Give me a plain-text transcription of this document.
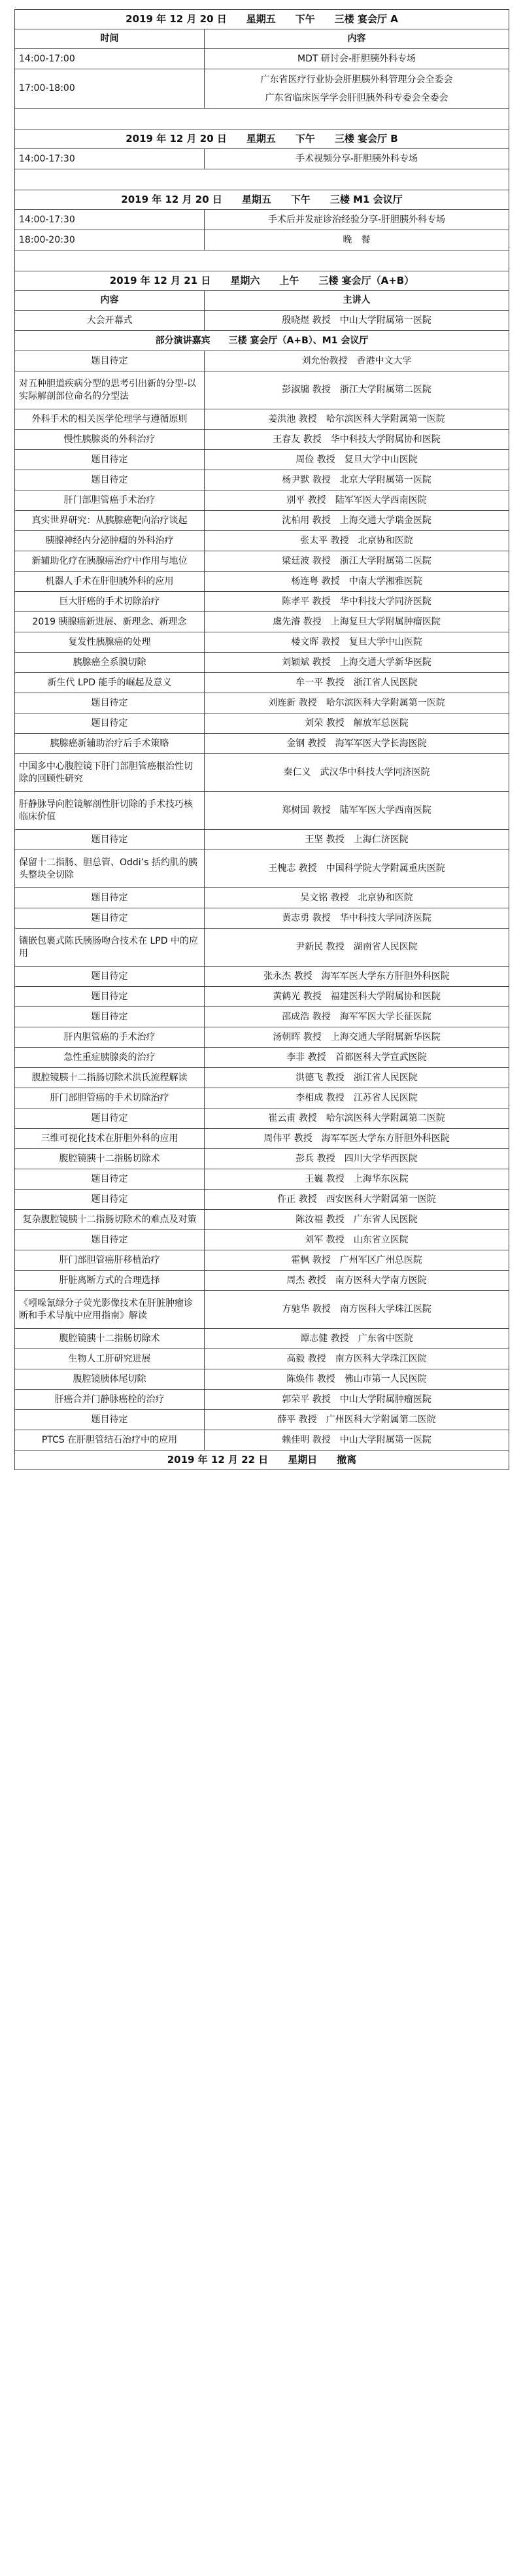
2019 年 12 月 20 日　　星期五　　下午　　三楼 宴会厅 A	
时间	内容
14:00-17:00	MDT 研讨会-肝胆胰外科专场

17:00-18:00	广东省医疗行业协会肝胆胰外科管理分会全委会
广东省临床医学学会肝胆胰外科专委会全委会

2019 年 12 月 20 日　　星期五　　下午　　三楼 宴会厅 B	
14:00-17:30	手术视频分享-肝胆胰外科专场

2019 年 12 月 20 日　　星期五　　下午　　三楼 M1 会议厅	
14:00-17:30	手术后并发症诊治经验分享-肝胆胰外科专场
18:00-20:30	晚　餐

2019 年 12 月 21 日　　星期六　　上午　　三楼 宴会厅（A+B）	
内容	主讲人
大会开幕式	殷晓煜 教授　中山大学附属第一医院
部分演讲嘉宾　　三楼 宴会厅（A+B）、M1 会议厅	
题目待定	刘允怡教授　香港中文大学
对五种胆道疾病分型的思考引出新的分型-以实际解剖部位命名的分型法	彭淑牖 教授　浙江大学附属第二医院
外科手术的相关医学伦理学与遵循原则	姜洪池 教授　哈尔滨医科大学附属第一医院
慢性胰腺炎的外科治疗	王春友 教授　华中科技大学附属协和医院
题目待定	周俭 教授　复旦大学中山医院
题目待定	杨尹默 教授　北京大学附属第一医院
肝门部胆管癌手术治疗	别平 教授　陆军军医大学西南医院
真实世界研究：从胰腺癌靶向治疗谈起	沈柏用 教授　上海交通大学瑞金医院
胰腺神经内分泌肿瘤的外科治疗	张太平 教授　北京协和医院
新辅助化疗在胰腺癌治疗中作用与地位	梁廷波 教授　浙江大学附属第二医院
机器人手术在肝胆胰外科的应用	杨连粤 教授　中南大学湘雅医院
巨大肝癌的手术切除治疗	陈孝平 教授　华中科技大学同济医院
2019 胰腺癌新进展、新理念、新理念	虞先濬 教授　上海复旦大学附属肿瘤医院
复发性胰腺癌的处理	楼文晖 教授　复旦大学中山医院
胰腺癌全系膜切除	刘颖斌 教授　上海交通大学新华医院
新生代 LPD 能手的崛起及意义	牟一平 教授　浙江省人民医院
题目待定	刘连新 教授　哈尔滨医科大学附属第一医院
题目待定	刘荣 教授　解放军总医院
胰腺癌新辅助治疗后手术策略	金钢 教授　海军军医大学长海医院
中国多中心腹腔镜下肝门部胆管癌根治性切除的回顾性研究	秦仁义　武汉华中科技大学同济医院
肝静脉导向腔镜解剖性肝切除的手术技巧核临床价值	郑树国 教授　陆军军医大学西南医院
题目待定	王坚 教授　上海仁济医院
保留十二指肠、胆总管、Oddi’s 括约肌的胰头整块全切除	王槐志 教授　中国科学院大学附属重庆医院
题目待定	吴文铭 教授　北京协和医院
题目待定	黄志勇 教授　华中科技大学同济医院
镶嵌包裹式陈氏胰肠吻合技术在 LPD 中的应用	尹新民 教授　湖南省人民医院
题目待定	张永杰 教授　海军军医大学东方肝胆外科医院
题目待定	黄鹤光 教授　福建医科大学附属协和医院
题目待定	邵成浩 教授　海军军医大学长征医院
肝内胆管癌的手术治疗	汤朝晖 教授　上海交通大学附属新华医院
急性重症胰腺炎的治疗	李非 教授　首都医科大学宣武医院
腹腔镜胰十二指肠切除术洪氏流程解读	洪德飞 教授　浙江省人民医院
肝门部胆管癌的手术切除治疗	李相成 教授　江苏省人民医院
题目待定	崔云甫 教授　哈尔滨医科大学附属第二医院
三维可视化技术在肝胆外科的应用	周伟平 教授　海军军医大学东方肝胆外科医院
腹腔镜胰十二指肠切除术	彭兵 教授　四川大学华西医院
题目待定	王巍 教授　上海华东医院
题目待定	仵正 教授　西安医科大学附属第一医院
复杂腹腔镜胰十二指肠切除术的难点及对策	陈汝福 教授　广东省人民医院
题目待定	刘军 教授　山东省立医院
肝门部胆管癌肝移植治疗	霍枫 教授　广州军区广州总医院
肝脏离断方式的合理选择	周杰 教授　南方医科大学南方医院
《吲哚氰绿分子荧光影像技术在肝脏肿瘤诊断和手术导航中应用指南》解读	方驰华 教授　南方医科大学珠江医院
腹腔镜胰十二指肠切除术	谭志健 教授　广东省中医院
生物人工肝研究进展	高毅 教授　南方医科大学珠江医院
腹腔镜胰体尾切除	陈焕伟 教授　佛山市第一人民医院
肝癌合并门静脉癌栓的治疗	郭荣平 教授　中山大学附属肿瘤医院
题目待定	薛平 教授　广州医科大学附属第二医院
PTCS 在肝胆管结石治疗中的应用	赖佳明 教授　中山大学附属第一医院
2019 年 12 月 22 日　　星期日　　撤离	
